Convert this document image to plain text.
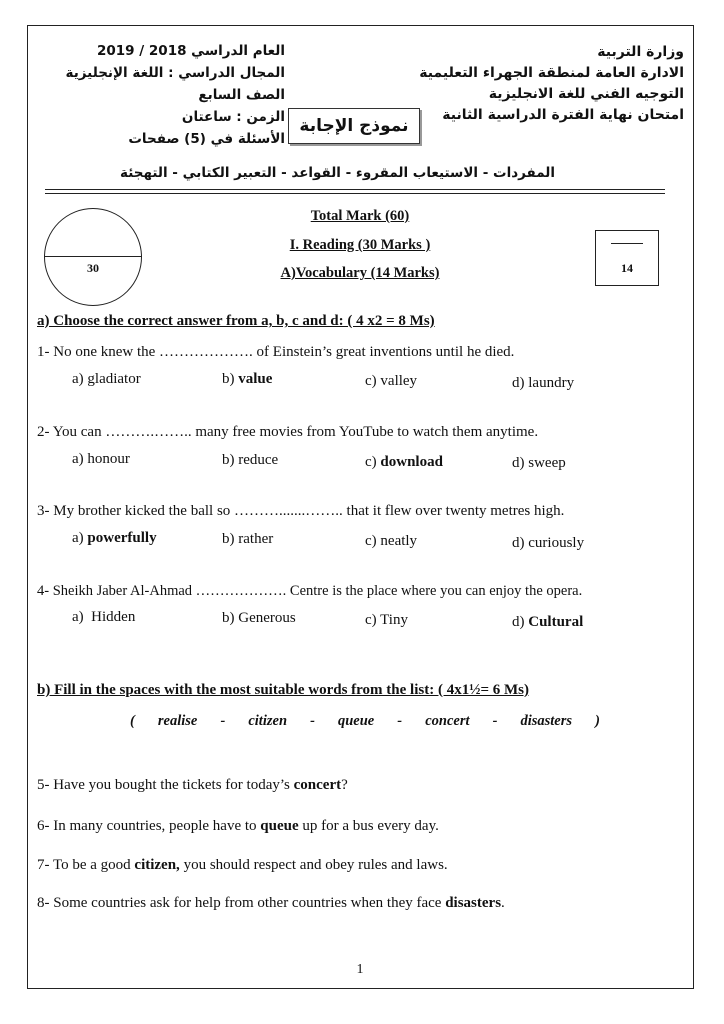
وزارة التربية
الادارة العامة لمنطقة الجهراء التعليمية
التوجيه الفني للغة الانجليزية
امتحان نهاية الفترة الدراسية الثانية
العام الدراسي 2018 / 2019
المجال الدراسي : اللغة الإنجليزية
الصف السابع
الزمن : ساعتان
الأسئلة في (5) صفحات
نموذج الإجابة
المفردات - الاستيعاب المقروء - القواعد - التعبير الكتابي - التهجئة
30	14
Total Mark (60)
I. Reading (30 Marks )
A)Vocabulary (14 Marks)
a) Choose the correct answer from a, b, c and d: ( 4 x2 = 8 Ms)
1- No one knew the ………………. of Einstein’s great inventions until he died.
a) gladiator	b) value	c) valley	d) laundry
2- You can ……….…….. many free movies from YouTube to watch them anytime.
a) honour	b) reduce	c) download	d) sweep
3- My brother kicked the ball so ……….......…….. that it flew over twenty metres high.
a) powerfully	b) rather	c) neatly	d) curiously
4- Sheikh Jaber Al-Ahmad ………………. Centre is the place where you can enjoy the opera.
a) Hidden	b) Generous	c) Tiny	d) Cultural
b) Fill in the spaces with the most suitable words from the list: ( 4x1½= 6 Ms)
( realise - citizen - queue - concert - disasters )
5- Have you bought the tickets for today’s concert?
6- In many countries, people have to queue up for a bus every day.
7- To be a good citizen, you should respect and obey rules and laws.
8- Some countries ask for help from other countries when they face disasters.
1
